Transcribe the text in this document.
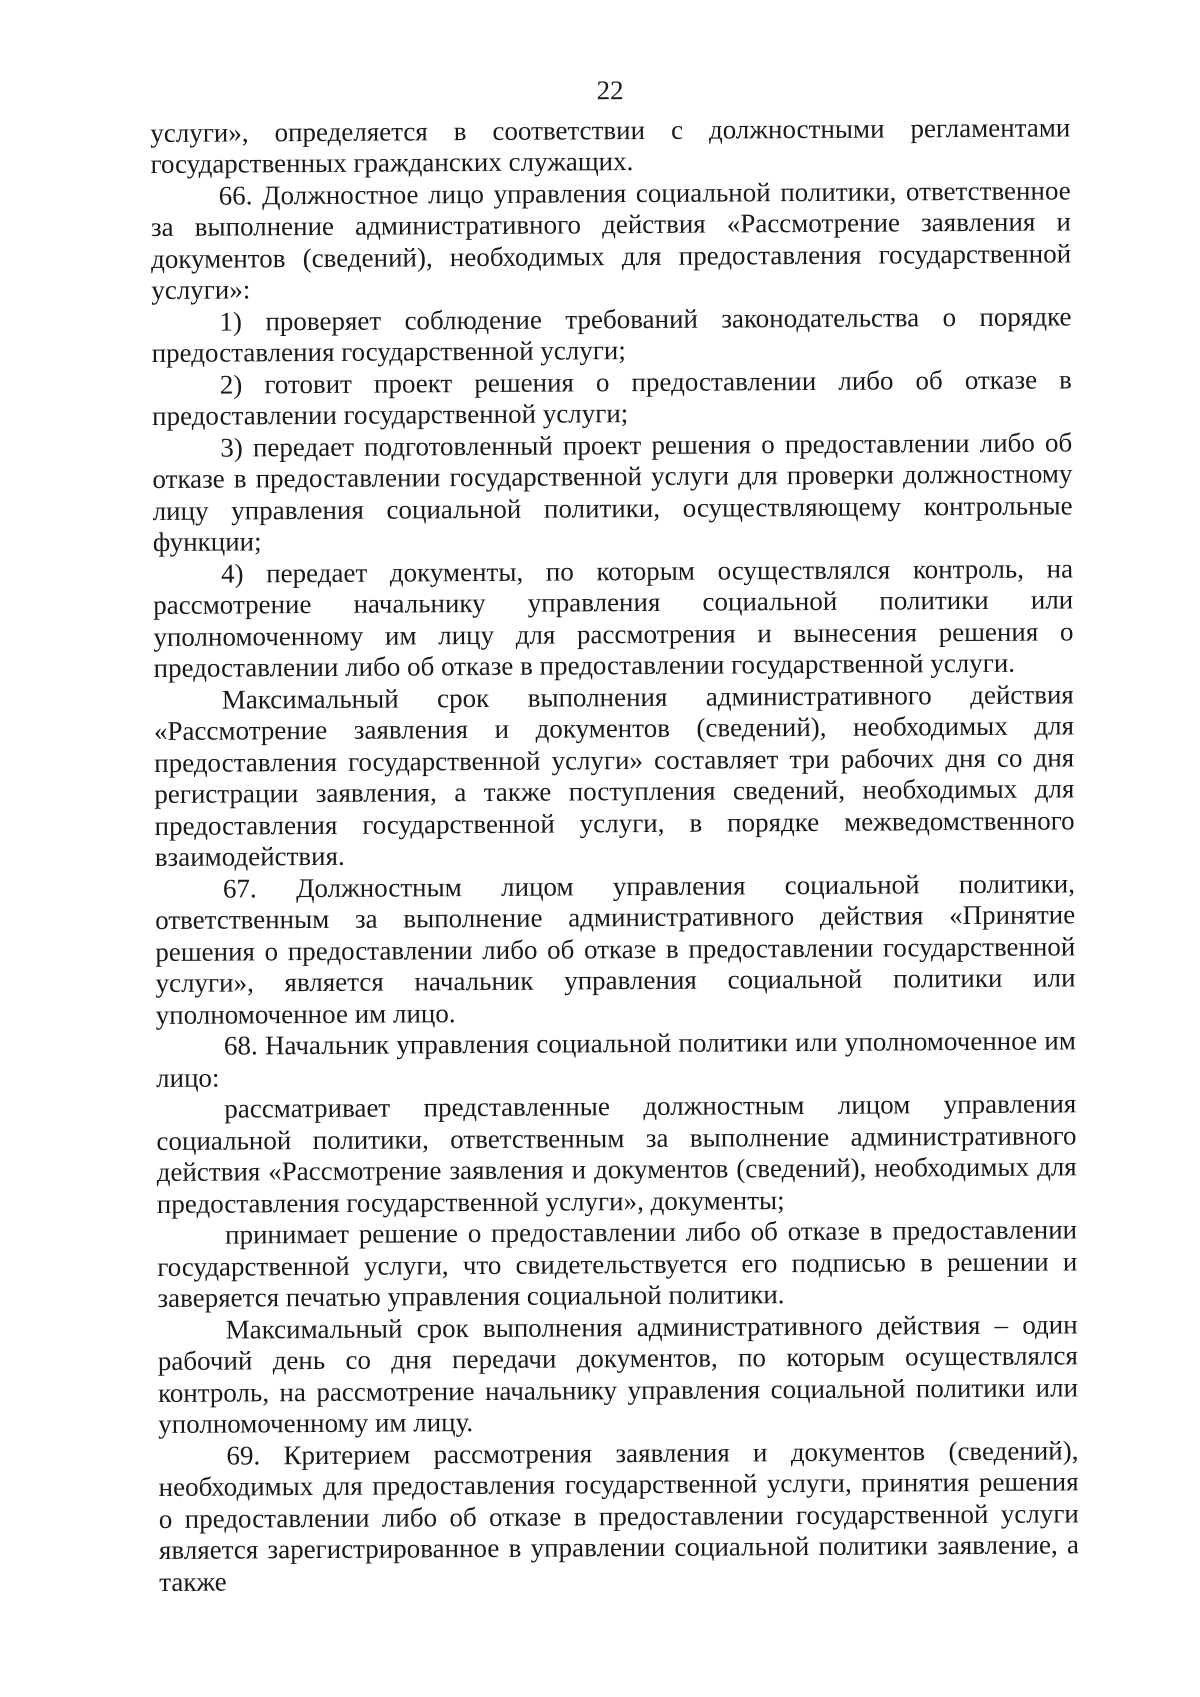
22

услуги», определяется в соответствии с должностными регламентами государственных гражданских служащих.

66. Должностное лицо управления социальной политики, ответственное за выполнение административного действия «Рассмотрение заявления и документов (сведений), необходимых для предоставления государственной услуги»:

1) проверяет соблюдение требований законодательства о порядке предоставления государственной услуги;

2) готовит проект решения о предоставлении либо об отказе в предоставлении государственной услуги;

3) передает подготовленный проект решения о предоставлении либо об отказе в предоставлении государственной услуги для проверки должностному лицу управления социальной политики, осуществляющему контрольные функции;

4) передает документы, по которым осуществлялся контроль, на рассмотрение начальнику управления социальной политики или уполномоченному им лицу для рассмотрения и вынесения решения о предоставлении либо об отказе в предоставлении государственной услуги.

Максимальный срок выполнения административного действия «Рассмотрение заявления и документов (сведений), необходимых для предоставления государственной услуги» составляет три рабочих дня со дня регистрации заявления, а также поступления сведений, необходимых для предоставления государственной услуги, в порядке межведомственного взаимодействия.

67. Должностным лицом управления социальной политики, ответственным за выполнение административного действия «Принятие решения о предоставлении либо об отказе в предоставлении государственной услуги», является начальник управления социальной политики или уполномоченное им лицо.

68. Начальник управления социальной политики или уполномоченное им лицо:

рассматривает представленные должностным лицом управления социальной политики, ответственным за выполнение административного действия «Рассмотрение заявления и документов (сведений), необходимых для предоставления государственной услуги», документы;

принимает решение о предоставлении либо об отказе в предоставлении государственной услуги, что свидетельствуется его подписью в решении и заверяется печатью управления социальной политики.

Максимальный срок выполнения административного действия – один рабочий день со дня передачи документов, по которым осуществлялся контроль, на рассмотрение начальнику управления социальной политики или уполномоченному им лицу.

69. Критерием рассмотрения заявления и документов (сведений), необходимых для предоставления государственной услуги, принятия решения о предоставлении либо об отказе в предоставлении государственной услуги является зарегистрированное в управлении социальной политики заявление, а также
